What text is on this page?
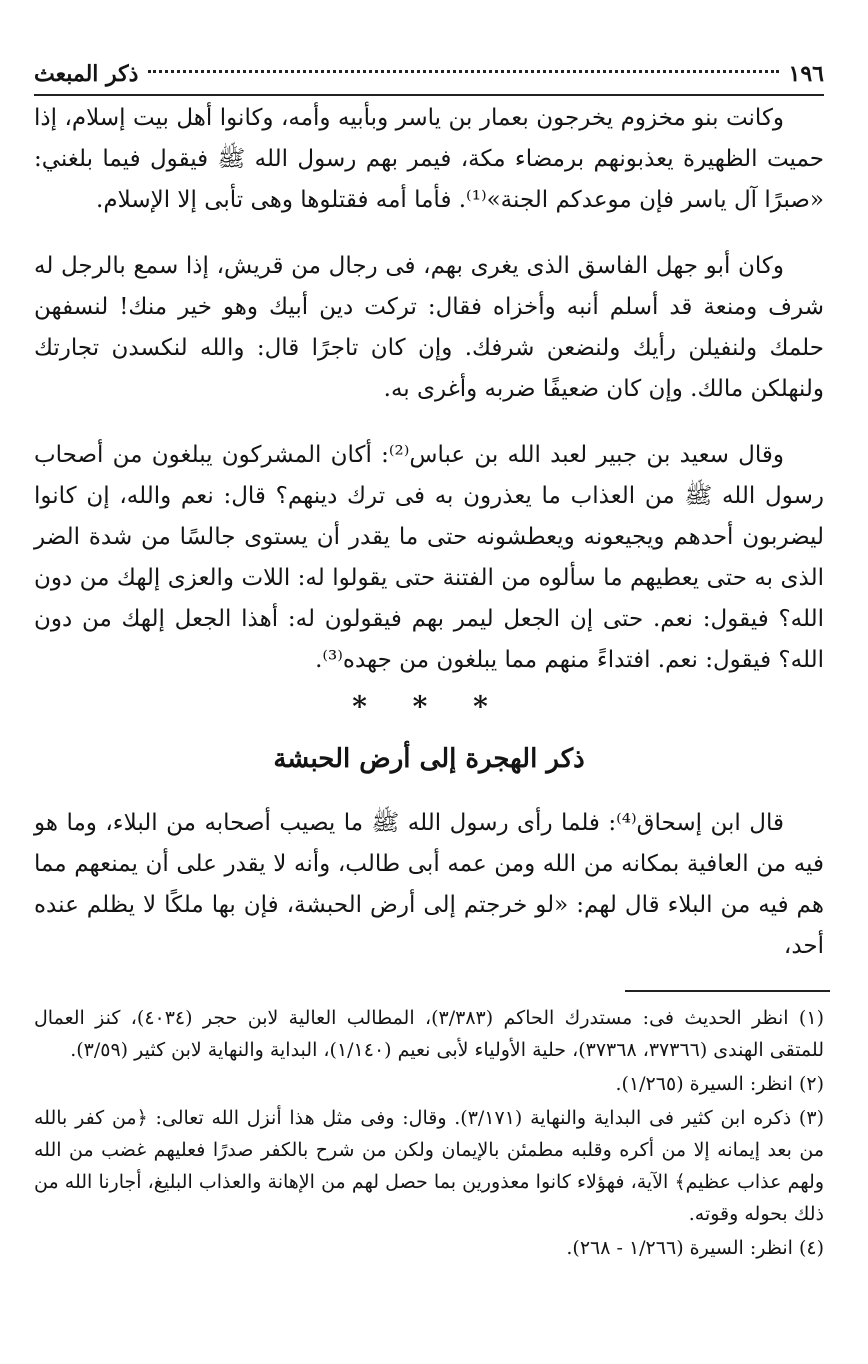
١٩٦
ذكر المبعث

وكانت بنو مخزوم يخرجون بعمار بن ياسر وبأبيه وأمه، وكانوا أهل بيت إسلام، إذا حميت الظهيرة يعذبونهم برمضاء مكة، فيمر بهم رسول الله ﷺ فيقول فيما بلغني: «صبرًا آل ياسر فإن موعدكم الجنة»⁽¹⁾. فأما أمه فقتلوها وهى تأبى إلا الإسلام.

وكان أبو جهل الفاسق الذى يغرى بهم، فى رجال من قريش، إذا سمع بالرجل له شرف ومنعة قد أسلم أنبه وأخزاه فقال: تركت دين أبيك وهو خير منك! لنسفهن حلمك ولنفيلن رأيك ولنضعن شرفك. وإن كان تاجرًا قال: والله لنكسدن تجارتك ولنهلكن مالك. وإن كان ضعيفًا ضربه وأغرى به.

وقال سعيد بن جبير لعبد الله بن عباس⁽²⁾: أكان المشركون يبلغون من أصحاب رسول الله ﷺ من العذاب ما يعذرون به فى ترك دينهم؟ قال: نعم والله، إن كانوا ليضربون أحدهم ويجيعونه ويعطشونه حتى ما يقدر أن يستوى جالسًا من شدة الضر الذى به حتى يعطيهم ما سألوه من الفتنة حتى يقولوا له: اللات والعزى إلهك من دون الله؟ فيقول: نعم. حتى إن الجعل ليمر بهم فيقولون له: أهذا الجعل إلهك من دون الله؟ فيقول: نعم. افتداءً منهم مما يبلغون من جهده⁽³⁾.

* * *
ذكر الهجرة إلى أرض الحبشة

قال ابن إسحاق⁽⁴⁾: فلما رأى رسول الله ﷺ ما يصيب أصحابه من البلاء، وما هو فيه من العافية بمكانه من الله ومن عمه أبى طالب، وأنه لا يقدر على أن يمنعهم مما هم فيه من البلاء قال لهم: «لو خرجتم إلى أرض الحبشة، فإن بها ملكًا لا يظلم عنده أحد،

(١) انظر الحديث فى: مستدرك الحاكم (٣/٣٨٣)، المطالب العالية لابن حجر (٤٠٣٤)، كنز العمال للمتقى الهندى (٣٧٣٦٦، ٣٧٣٦٨)، حلية الأولياء لأبى نعيم (١/١٤٠)، البداية والنهاية لابن كثير (٣/٥٩).

(٢) انظر: السيرة (١/٢٦٥).

(٣) ذكره ابن كثير فى البداية والنهاية (٣/١٧١). وقال: وفى مثل هذا أنزل الله تعالى: ﴿من كفر بالله من بعد إيمانه إلا من أكره وقلبه مطمئن بالإيمان ولكن من شرح بالكفر صدرًا فعليهم غضب من الله ولهم عذاب عظيم﴾ الآية، فهؤلاء كانوا معذورين بما حصل لهم من الإهانة والعذاب البليغ، أجارنا الله من ذلك بحوله وقوته.

(٤) انظر: السيرة (١/٢٦٦ - ٢٦٨).
